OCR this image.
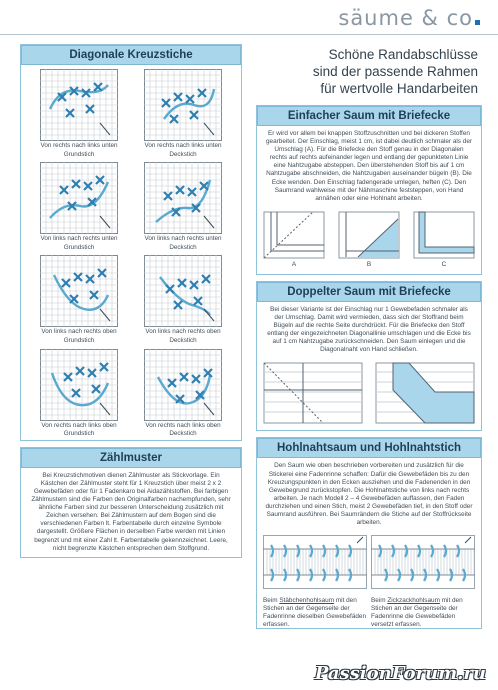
säume & co
Diagonale Kreuzstiche
Von rechts nach links unten
Grundstich
Von rechts nach links unten
Deckstich
Von links nach rechts unten
Grundstich
Von links nach rechts unten
Deckstich
Von links nach rechts oben
Grundstich
Von links nach rechts oben
Deckstich
Von rechts nach links oben
Grundstich
Von rechts nach links oben
Deckstich
Zählmuster
Bei Kreuzstichmotiven dienen Zählmuster als Stickvorlage. Ein Kästchen der Zählmuster steht für 1 Kreuzstich über meist 2 x 2 Gewebefäden oder für 1 Fadenkaro bei Aidazählstoffen. Bei farbigen Zählmustern sind die Farben den Originalfarben nachempfunden, sehr ähnliche Farben sind zur besseren Unterscheidung zusätzlich mit Zeichen versehen. Bei Zählmustern auf dem Bogen sind die verschiedenen Farben lt. Farbentabelle durch einzelne Symbole dargestellt. Größere Flächen in derselben Farbe werden mit Linien begrenzt und mit einer Zahl lt. Farbentabelle gekennzeichnet. Leere, nicht begrenzte Kästchen entsprechen dem Stoffgrund.
Schöne Randabschlüsse
sind der passende Rahmen
für wertvolle Handarbeiten
Einfacher Saum mit Briefecke
Er wird vor allem bei knappen Stoffzuschnitten und bei dickeren Stoffen gearbeitet. Der Einschlag, meist 1 cm, ist dabei deutlich schmaler als der Umschlag (A). Für die Briefecke den Stoff genau in der Diagonalen rechts auf rechts aufeinander legen und entlang der gepunkteten Linie eine Nahtzugabe absteppen. Den überstehenden Stoff bis auf 1 cm Nahtzugabe abschneiden, die Nahtzugaben auseinander bügeln (B). Die Ecke wenden. Den Einschlag fadengerade umlegen, heften (C). Den Saumrand wahlweise mit der Nähmaschine feststeppen, von Hand annähen oder eine Hohlnaht arbeiten.
A	B	C
Doppelter Saum mit Briefecke
Bei dieser Variante ist der Einschlag nur 1 Gewebefaden schmaler als der Umschlag. Damit wird vermieden, dass sich der Stoffrand beim Bügeln auf die rechte Seite durchdrückt. Für die Briefecke den Stoff entlang der eingezeichneten Diagonallinie umschlagen und die Ecke bis auf 1 cm Nahtzugabe zurückschneiden. Den Saum einlegen und die Diagonalnaht von Hand schließen.
Hohlnahtsaum und Hohlnahtstich
Den Saum wie oben beschrieben vorbereiten und zusätzlich für die Stickerei eine Fadenrinne schaffen: Dafür die Gewebefäden bis zu den Kreuzungspunkten in den Ecken ausziehen und die Fadenenden in den Gewebegrund zurückstopfen. Die Hohlnahtstiche von links nach rechts arbeiten. Je nach Modell 2 – 4 Gewebefäden auffassen, den Faden durchziehen und einen Stich, meist 2 Gewebefäden tief, in den Stoff oder Saumrand ausführen. Bei Saumrändern die Stiche auf der Stoffrückseite arbeiten.
Beim Stäbchenhohlsaum mit den Stichen an der Gegenseite der Fadenrinne dieselben Gewebefäden erfassen.
Beim Zickzackhohlsaum mit den Stichen an der Gegenseite der Fadenrinne die Gewebefäden versetzt erfassen.
PassionForum.ru
